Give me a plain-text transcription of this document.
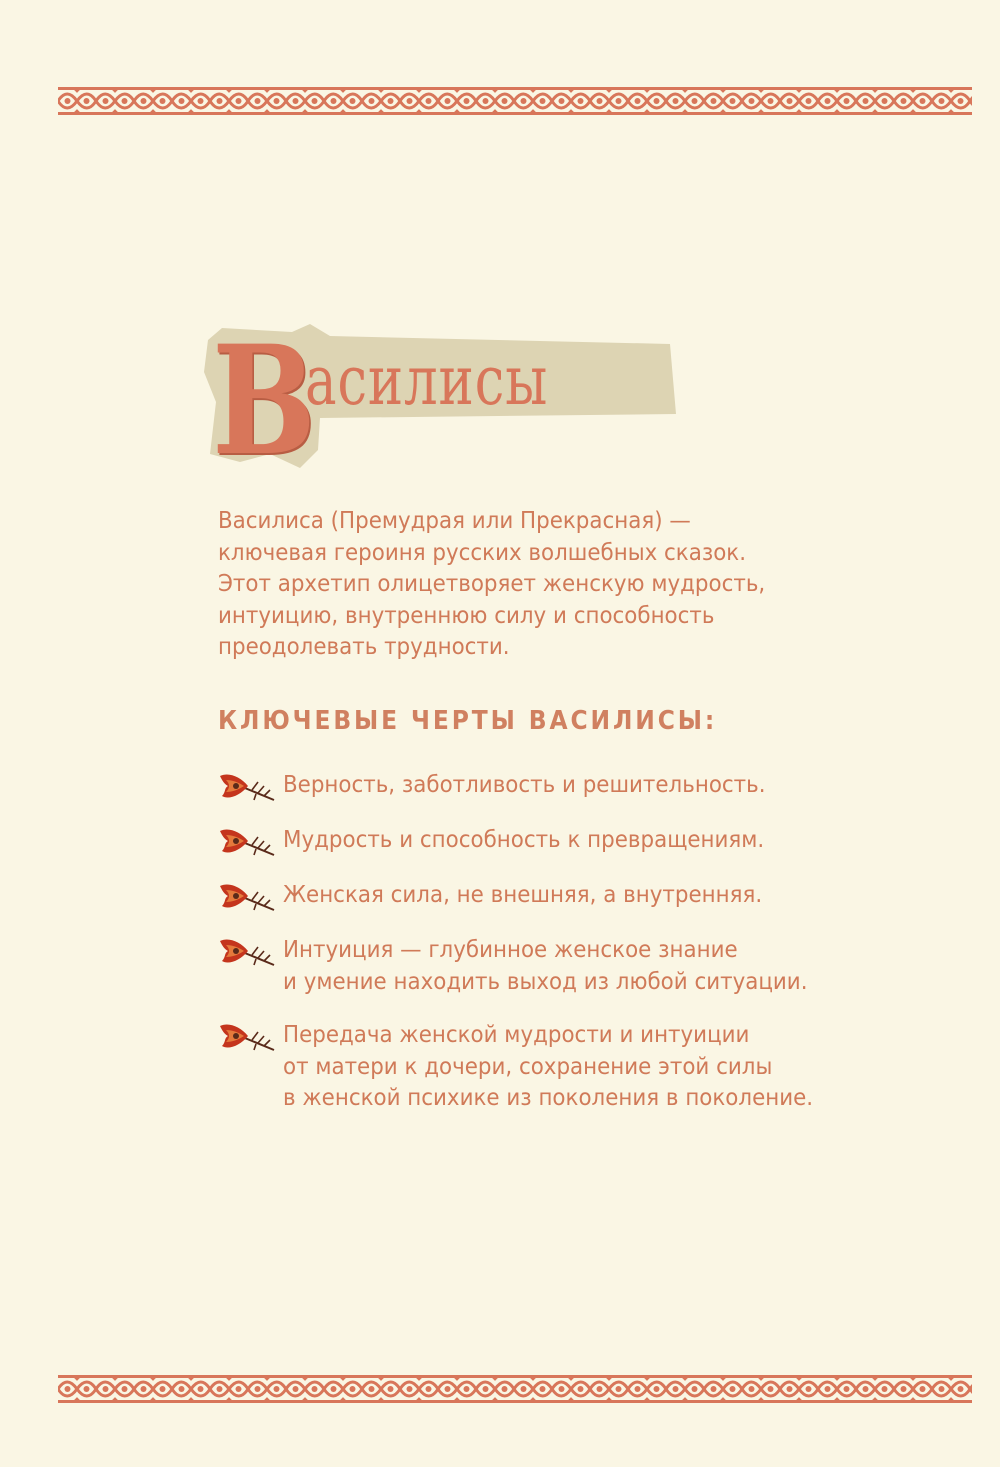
В
асилисы
Василиса (Премудрая или Прекрасная) —
ключевая героиня русских волшебных сказок.
Этот архетип олицетворяет женскую мудрость,
интуицию, внутреннюю силу и способность
преодолевать трудности.
КЛЮЧЕВЫЕ ЧЕРТЫ ВАСИЛИСЫ:
Верность, заботливость и решительность.
Мудрость и способность к превращениям.
Женская сила, не внешняя, а внутренняя.
Интуиция — глубинное женское знание
и умение находить выход из любой ситуации.
Передача женской мудрости и интуиции
от матери к дочери, сохранение этой силы
в женской психике из поколения в поколение.
